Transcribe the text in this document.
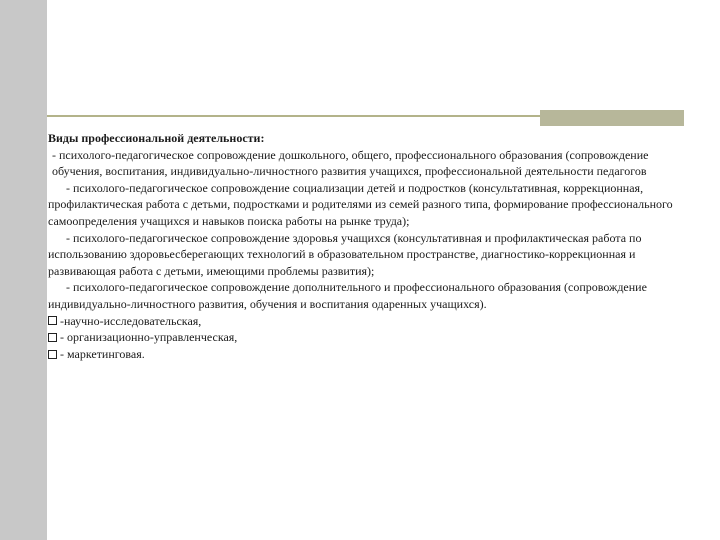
Виды профессиональной деятельности:

- психолого-педагогическое сопровождение дошкольного, общего, профессионального образования (сопровождение обучения, воспитания, индивидуально-личностного развития учащихся, профессиональной деятельности педагогов

- психолого-педагогическое сопровождение социализации детей и подростков (консультативная, коррекционная, профилактическая работа с детьми, подростками и родителями из семей разного типа, формирование профессионального самоопределения учащихся и навыков поиска работы на рынке труда);

- психолого-педагогическое сопровождение здоровья учащихся (консультативная и профилактическая работа по использованию здоровьесберегающих технологий в образовательном пространстве, диагностико-коррекционная и развивающая работа с детьми, имеющими проблемы развития);

- психолого-педагогическое сопровождение дополнительного и профессионального образования (сопровождение индивидуально-личностного развития, обучения и воспитания одаренных учащихся).

-научно-исследовательская,
- организационно-управленческая,
- маркетинговая.
